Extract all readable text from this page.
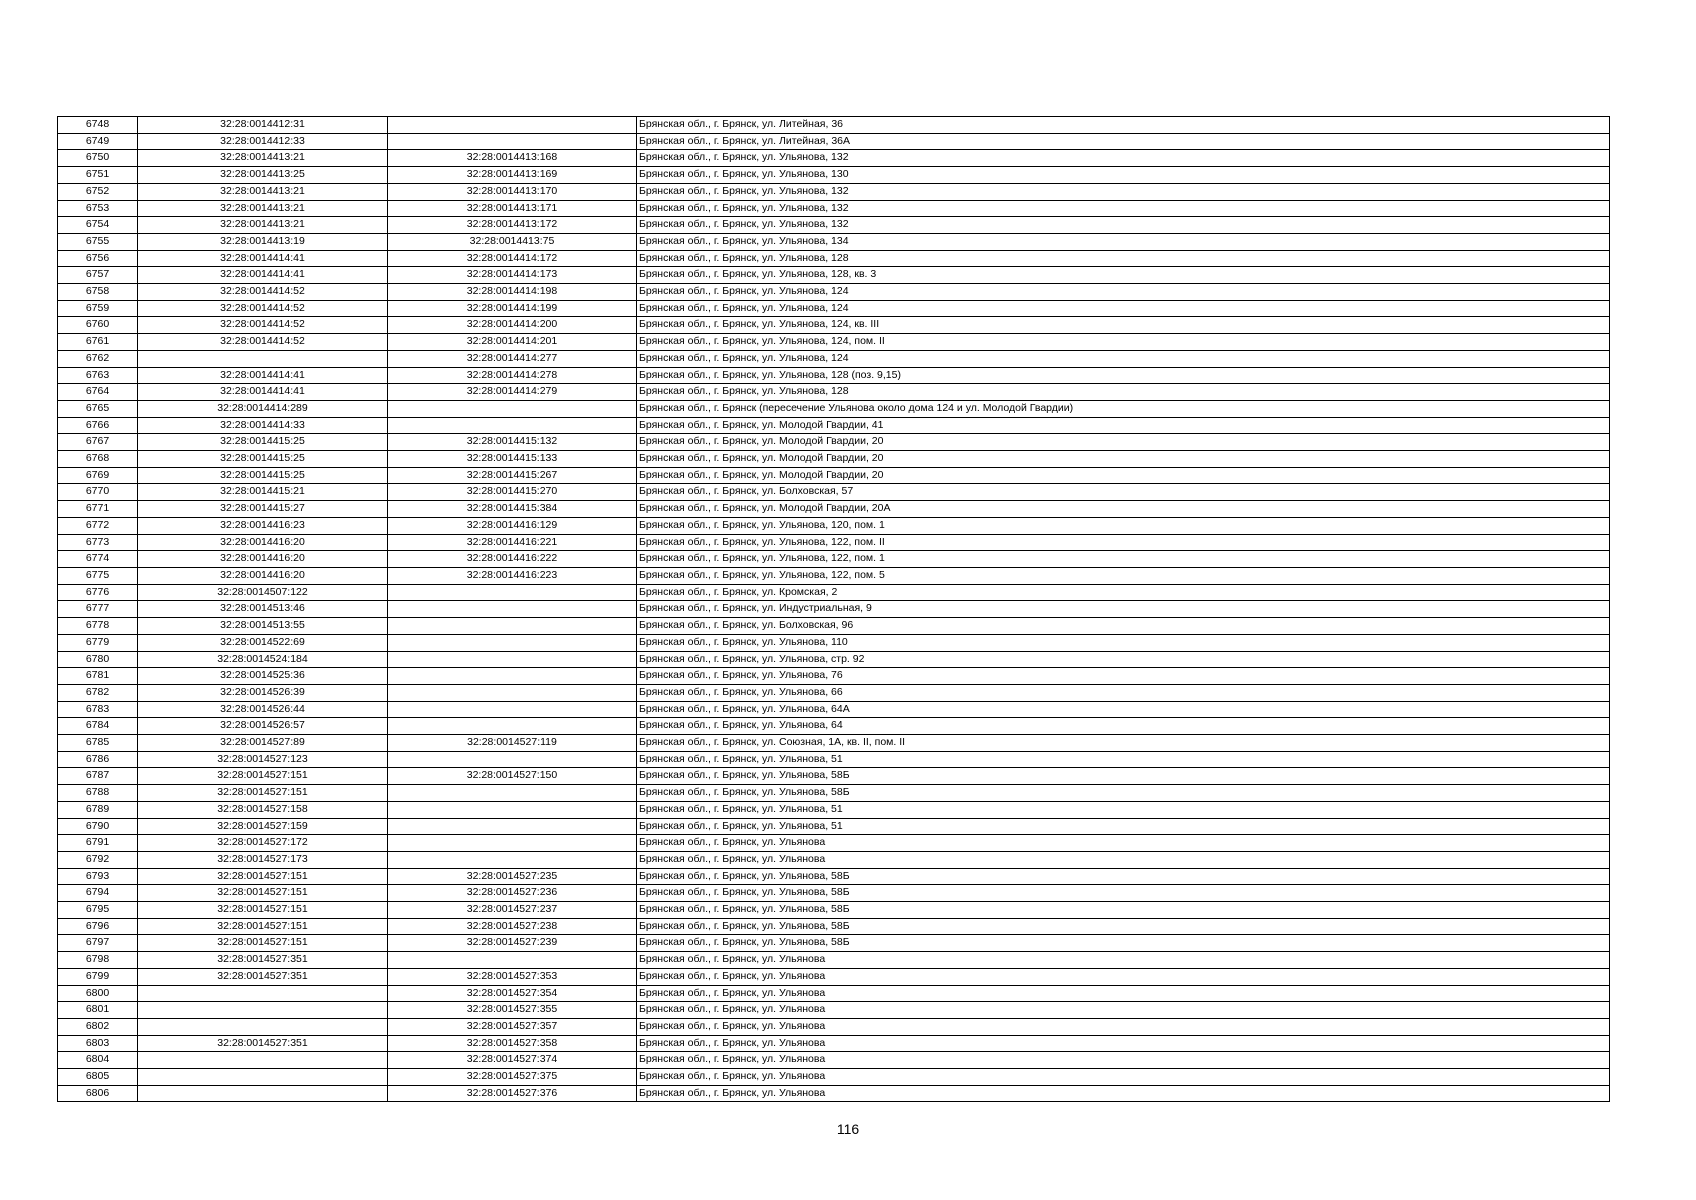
6748	32:28:0014412:31		Брянская обл., г. Брянск, ул. Литейная, 36
6749	32:28:0014412:33		Брянская обл., г. Брянск, ул. Литейная, 36А
6750	32:28:0014413:21	32:28:0014413:168	Брянская обл., г. Брянск, ул. Ульянова, 132
6751	32:28:0014413:25	32:28:0014413:169	Брянская обл., г. Брянск, ул. Ульянова, 130
6752	32:28:0014413:21	32:28:0014413:170	Брянская обл., г. Брянск, ул. Ульянова, 132
6753	32:28:0014413:21	32:28:0014413:171	Брянская обл., г. Брянск, ул. Ульянова, 132
6754	32:28:0014413:21	32:28:0014413:172	Брянская обл., г. Брянск, ул. Ульянова, 132
6755	32:28:0014413:19	32:28:0014413:75	Брянская обл., г. Брянск, ул. Ульянова, 134
6756	32:28:0014414:41	32:28:0014414:172	Брянская обл., г. Брянск, ул. Ульянова, 128
6757	32:28:0014414:41	32:28:0014414:173	Брянская обл., г. Брянск, ул. Ульянова, 128, кв. 3
6758	32:28:0014414:52	32:28:0014414:198	Брянская обл., г. Брянск, ул. Ульянова, 124
6759	32:28:0014414:52	32:28:0014414:199	Брянская обл., г. Брянск, ул. Ульянова, 124
6760	32:28:0014414:52	32:28:0014414:200	Брянская обл., г. Брянск, ул. Ульянова, 124, кв. III
6761	32:28:0014414:52	32:28:0014414:201	Брянская обл., г. Брянск, ул. Ульянова, 124, пом. II
6762		32:28:0014414:277	Брянская обл., г. Брянск, ул. Ульянова, 124
6763	32:28:0014414:41	32:28:0014414:278	Брянская обл., г. Брянск, ул. Ульянова, 128 (поз. 9,15)
6764	32:28:0014414:41	32:28:0014414:279	Брянская обл., г. Брянск, ул. Ульянова, 128
6765	32:28:0014414:289		Брянская обл., г. Брянск (пересечение Ульянова около дома 124 и ул. Молодой Гвардии)
6766	32:28:0014414:33		Брянская обл., г. Брянск, ул. Молодой Гвардии, 41
6767	32:28:0014415:25	32:28:0014415:132	Брянская обл., г. Брянск, ул. Молодой Гвардии, 20
6768	32:28:0014415:25	32:28:0014415:133	Брянская обл., г. Брянск, ул. Молодой Гвардии, 20
6769	32:28:0014415:25	32:28:0014415:267	Брянская обл., г. Брянск, ул. Молодой Гвардии, 20
6770	32:28:0014415:21	32:28:0014415:270	Брянская обл., г. Брянск, ул. Болховская, 57
6771	32:28:0014415:27	32:28:0014415:384	Брянская обл., г. Брянск, ул. Молодой Гвардии, 20А
6772	32:28:0014416:23	32:28:0014416:129	Брянская обл., г. Брянск, ул. Ульянова, 120, пом. 1
6773	32:28:0014416:20	32:28:0014416:221	Брянская обл., г. Брянск, ул. Ульянова, 122, пом. II
6774	32:28:0014416:20	32:28:0014416:222	Брянская обл., г. Брянск, ул. Ульянова, 122, пом. 1
6775	32:28:0014416:20	32:28:0014416:223	Брянская обл., г. Брянск, ул. Ульянова, 122, пом. 5
6776	32:28:0014507:122		Брянская обл., г. Брянск, ул. Кромская, 2
6777	32:28:0014513:46		Брянская обл., г. Брянск, ул. Индустриальная, 9
6778	32:28:0014513:55		Брянская обл., г. Брянск, ул. Болховская, 96
6779	32:28:0014522:69		Брянская обл., г. Брянск, ул. Ульянова, 110
6780	32:28:0014524:184		Брянская обл., г. Брянск, ул. Ульянова, стр. 92
6781	32:28:0014525:36		Брянская обл., г. Брянск, ул. Ульянова, 76
6782	32:28:0014526:39		Брянская обл., г. Брянск, ул. Ульянова, 66
6783	32:28:0014526:44		Брянская обл., г. Брянск, ул. Ульянова, 64А
6784	32:28:0014526:57		Брянская обл., г. Брянск, ул. Ульянова, 64
6785	32:28:0014527:89	32:28:0014527:119	Брянская обл., г. Брянск, ул. Союзная, 1А, кв. II, пом. II
6786	32:28:0014527:123		Брянская обл., г. Брянск, ул. Ульянова, 51
6787	32:28:0014527:151	32:28:0014527:150	Брянская обл., г. Брянск, ул. Ульянова, 58Б
6788	32:28:0014527:151		Брянская обл., г. Брянск, ул. Ульянова, 58Б
6789	32:28:0014527:158		Брянская обл., г. Брянск, ул. Ульянова, 51
6790	32:28:0014527:159		Брянская обл., г. Брянск, ул. Ульянова, 51
6791	32:28:0014527:172		Брянская обл., г. Брянск, ул. Ульянова
6792	32:28:0014527:173		Брянская обл., г. Брянск, ул. Ульянова
6793	32:28:0014527:151	32:28:0014527:235	Брянская обл., г. Брянск, ул. Ульянова, 58Б
6794	32:28:0014527:151	32:28:0014527:236	Брянская обл., г. Брянск, ул. Ульянова, 58Б
6795	32:28:0014527:151	32:28:0014527:237	Брянская обл., г. Брянск, ул. Ульянова, 58Б
6796	32:28:0014527:151	32:28:0014527:238	Брянская обл., г. Брянск, ул. Ульянова, 58Б
6797	32:28:0014527:151	32:28:0014527:239	Брянская обл., г. Брянск, ул. Ульянова, 58Б
6798	32:28:0014527:351		Брянская обл., г. Брянск, ул. Ульянова
6799	32:28:0014527:351	32:28:0014527:353	Брянская обл., г. Брянск, ул. Ульянова
6800		32:28:0014527:354	Брянская обл., г. Брянск, ул. Ульянова
6801		32:28:0014527:355	Брянская обл., г. Брянск, ул. Ульянова
6802		32:28:0014527:357	Брянская обл., г. Брянск, ул. Ульянова
6803	32:28:0014527:351	32:28:0014527:358	Брянская обл., г. Брянск, ул. Ульянова
6804		32:28:0014527:374	Брянская обл., г. Брянск, ул. Ульянова
6805		32:28:0014527:375	Брянская обл., г. Брянск, ул. Ульянова
6806		32:28:0014527:376	Брянская обл., г. Брянск, ул. Ульянова
116
